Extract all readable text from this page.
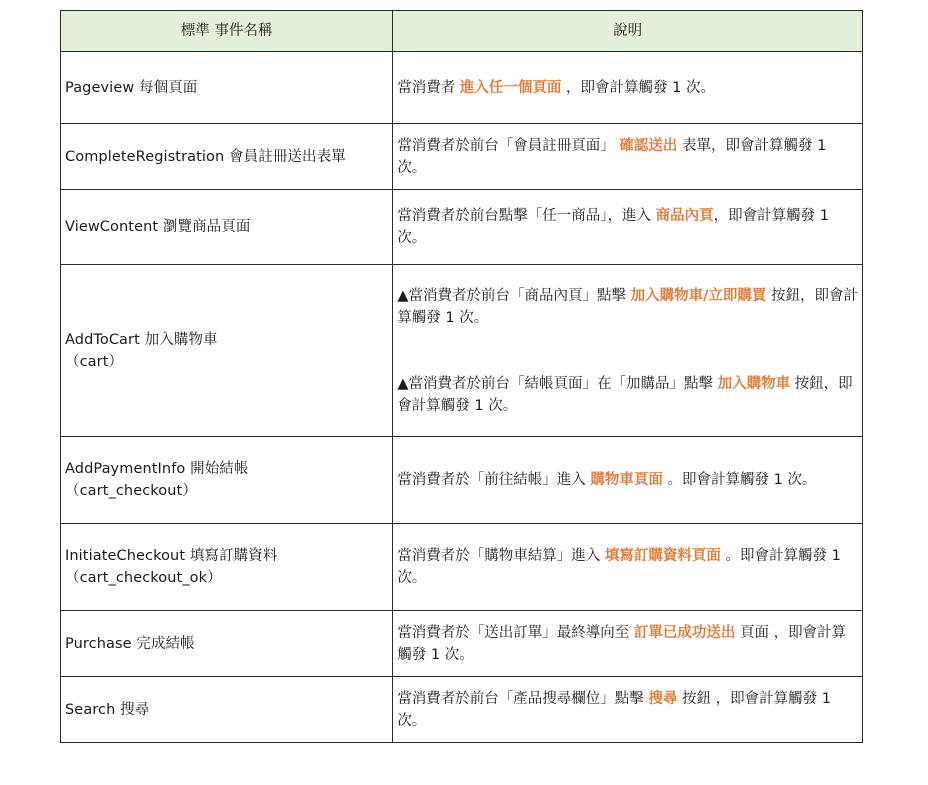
標準 事件名稱	說明

Pageview 每個頁面	當消費者 進入任一個頁面 ，即會計算觸發 1 次。

CompleteRegistration 會員註冊送出表單	當消費者於前台「會員註冊頁面」 確認送出 表單，即會計算觸發 1 次。

ViewContent 瀏覽商品頁面	當消費者於前台點擊「任一商品」，進入 商品內頁，即會計算觸發 1 次。

AddToCart 加入購物車
（cart）	▲當消費者於前台「商品內頁」點擊 加入購物車/立即購買 按鈕，即會計算觸發 1 次。
▲當消費者於前台「結帳頁面」在「加購品」點擊 加入購物車 按鈕，即會計算觸發 1 次。

AddPaymentInfo 開始結帳
（cart_checkout）	當消費者於「前往結帳」進入 購物車頁面 。即會計算觸發 1 次。

InitiateCheckout 填寫訂購資料
（cart_checkout_ok）	當消費者於「購物車結算」進入 填寫訂購資料頁面 。即會計算觸發 1 次。

Purchase 完成結帳	當消費者於「送出訂單」最終導向至 訂單已成功送出 頁面 ，即會計算觸發 1 次。

Search 搜尋	當消費者於前台「產品搜尋欄位」點擊 搜尋 按鈕 ，即會計算觸發 1 次。
